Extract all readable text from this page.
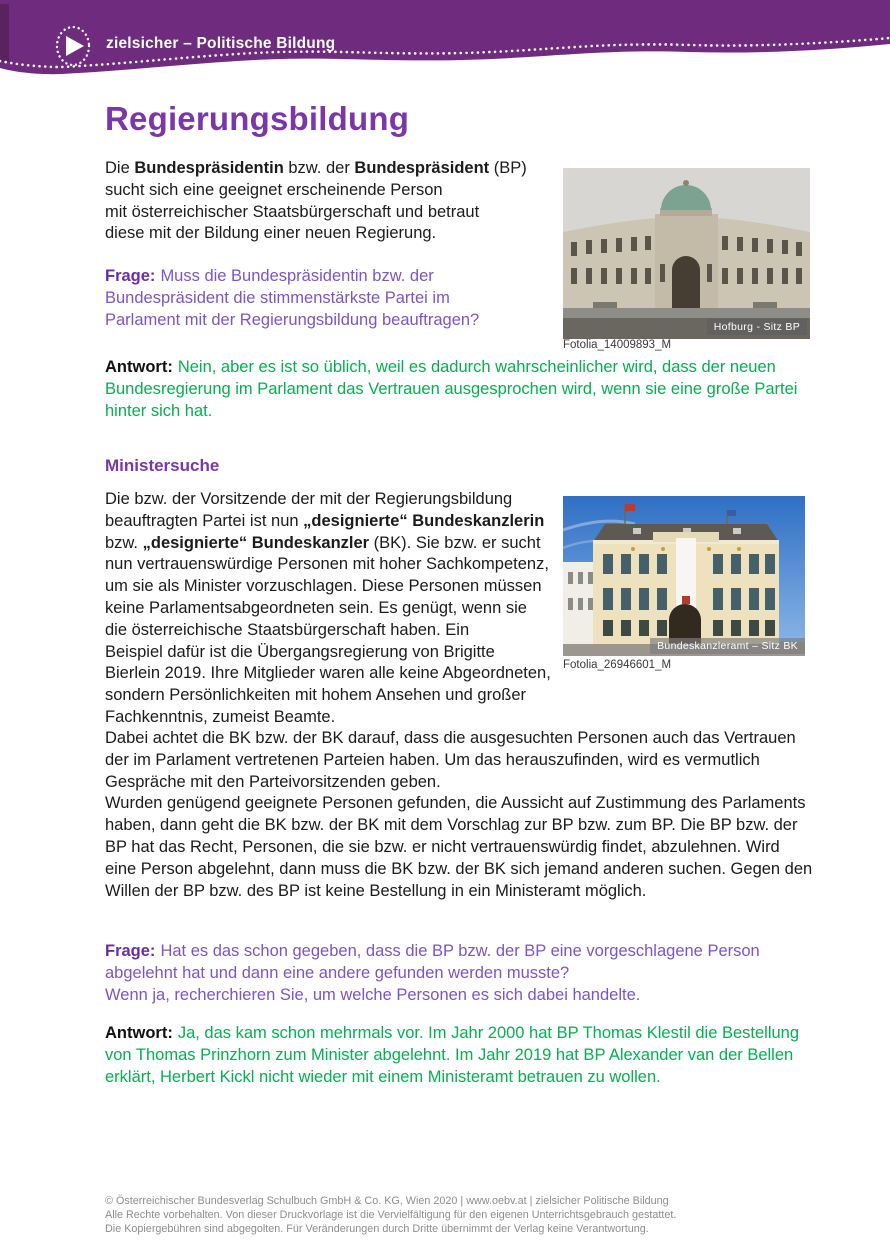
zielsicher – Politische Bildung
Regierungsbildung
Die Bundespräsidentin bzw. der Bundespräsident (BP)
sucht sich eine geeignet erscheinende Person
mit österreichischer Staatsbürgerschaft und betraut
diese mit der Bildung einer neuen Regierung.
Hofburg - Sitz BP
Fotolia_14009893_M
Frage: Muss die Bundespräsidentin bzw. der
Bundespräsident die stimmenstärkste Partei im
Parlament mit der Regierungsbildung beauftragen?
Antwort: Nein, aber es ist so üblich, weil es dadurch wahrscheinlicher wird, dass der neuen Bundesregierung im Parlament das Vertrauen ausgesprochen wird, wenn sie eine große Partei hinter sich hat.
Ministersuche
Die bzw. der Vorsitzende der mit der Regierungsbildung
beauftragten Partei ist nun „designierte“ Bundeskanzlerin
bzw. „designierte“ Bundeskanzler (BK). Sie bzw. er sucht
nun vertrauenswürdige Personen mit hoher Sachkompetenz,
um sie als Minister vorzuschlagen. Diese Personen müssen
keine Parlamentsabgeordneten sein. Es genügt, wenn sie
die österreichische Staatsbürgerschaft haben. Ein
Beispiel dafür ist die Übergangsregierung von Brigitte
Bierlein 2019. Ihre Mitglieder waren alle keine Abgeordneten,
sondern Persönlichkeiten mit hohem Ansehen und großer
Fachkenntnis, zumeist Beamte.
Dabei achtet die BK bzw. der BK darauf, dass die ausgesuchten Personen auch das Vertrauen der im Parlament vertretenen Parteien haben. Um das herauszufinden, wird es vermutlich Gespräche mit den Parteivorsitzenden geben.
Wurden genügend geeignete Personen gefunden, die Aussicht auf Zustimmung des Parlaments haben, dann geht die BK bzw. der BK mit dem Vorschlag zur BP bzw. zum BP. Die BP bzw. der BP hat das Recht, Personen, die sie bzw. er nicht vertrauenswürdig findet, abzulehnen. Wird eine Person abgelehnt, dann muss die BK bzw. der BK sich jemand anderen suchen. Gegen den Willen der BP bzw. des BP ist keine Bestellung in ein Ministeramt möglich.
Bundeskanzleramt – Sitz BK
Fotolia_26946601_M
Frage: Hat es das schon gegeben, dass die BP bzw. der BP eine vorgeschlagene Person abgelehnt hat und dann eine andere gefunden werden musste?
Wenn ja, recherchieren Sie, um welche Personen es sich dabei handelte.
Antwort: Ja, das kam schon mehrmals vor. Im Jahr 2000 hat BP Thomas Klestil die Bestellung von Thomas Prinzhorn zum Minister abgelehnt. Im Jahr 2019 hat BP Alexander van der Bellen erklärt, Herbert Kickl nicht wieder mit einem Ministeramt betrauen zu wollen.
© Österreichischer Bundesverlag Schulbuch GmbH & Co. KG, Wien 2020 | www.oebv.at | zielsicher Politische Bildung
Alle Rechte vorbehalten. Von dieser Druckvorlage ist die Vervielfältigung für den eigenen Unterrichtsgebrauch gestattet.
Die Kopiergebühren sind abgegolten. Für Veränderungen durch Dritte übernimmt der Verlag keine Verantwortung.
